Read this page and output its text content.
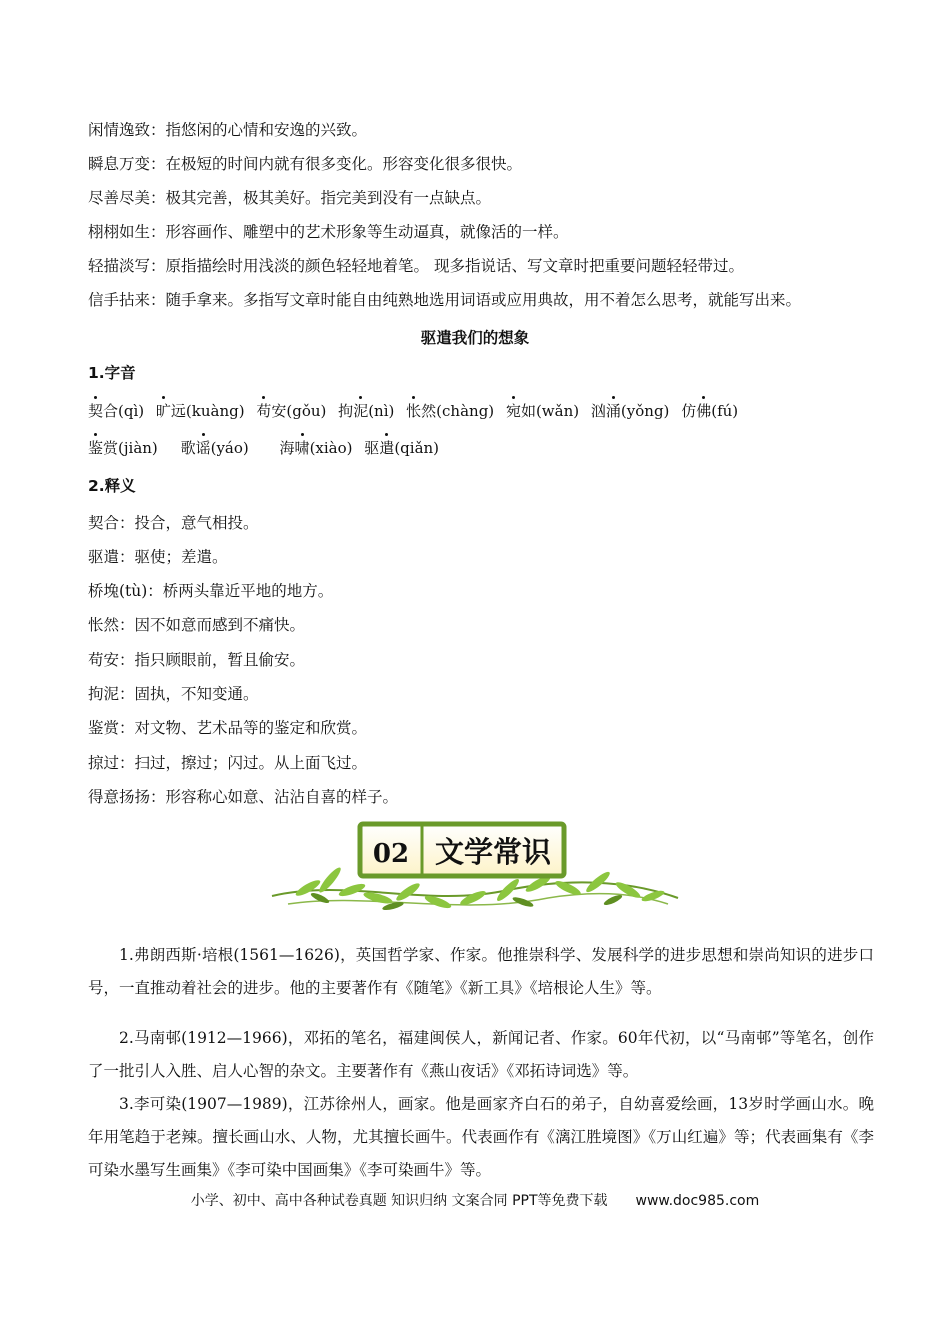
闲情逸致：指悠闲的心情和安逸的兴致。
瞬息万变：在极短的时间内就有很多变化。形容变化很多很快。
尽善尽美：极其完善，极其美好。指完美到没有一点缺点。
栩栩如生：形容画作、雕塑中的艺术形象等生动逼真，就像活的一样。
轻描淡写：原指描绘时用浅淡的颜色轻轻地着笔。 现多指说话、写文章时把重要问题轻轻带过。
信手拈来：随手拿来。多指写文章时能自由纯熟地选用词语或应用典故，用不着怎么思考，就能写出来。
驱遣我们的想象
1.字音
契合(qì) 旷远(kuàng) 苟安(gǒu) 拘泥(nì) 怅然(chàng) 宛如(wǎn) 汹涌(yǒng) 仿佛(fú)
鉴赏(jiàn) 歌谣(yáo) 海啸(xiào) 驱遣(qiǎn)
2.释义
契合：投合，意气相投。
驱遣：驱使；差遣。
桥堍(tù)：桥两头靠近平地的地方。
怅然：因不如意而感到不痛快。
苟安：指只顾眼前，暂且偷安。
拘泥：固执，不知变通。
鉴赏：对文物、艺术品等的鉴定和欣赏。
掠过：扫过，擦过；闪过。从上面飞过。
得意扬扬：形容称心如意、沾沾自喜的样子。
02 文学常识
1.弗朗西斯·培根(1561—1626)，英国哲学家、作家。他推崇科学、发展科学的进步思想和崇尚知识的进步口号，一直推动着社会的进步。他的主要著作有《随笔》《新工具》《培根论人生》等。
2.马南邨(1912—1966)，邓拓的笔名，福建闽侯人，新闻记者、作家。60年代初，以“马南邨”等笔名，创作了一批引人入胜、启人心智的杂文。主要著作有《燕山夜话》《邓拓诗词选》等。
3.李可染(1907—1989)，江苏徐州人，画家。他是画家齐白石的弟子，自幼喜爱绘画，13岁时学画山水。晚年用笔趋于老辣。擅长画山水、人物，尤其擅长画牛。代表画作有《漓江胜境图》《万山红遍》等；代表画集有《李可染水墨写生画集》《李可染中国画集》《李可染画牛》等。
小学、初中、高中各种试卷真题 知识归纳 文案合同 PPT等免费下载 www.doc985.com
